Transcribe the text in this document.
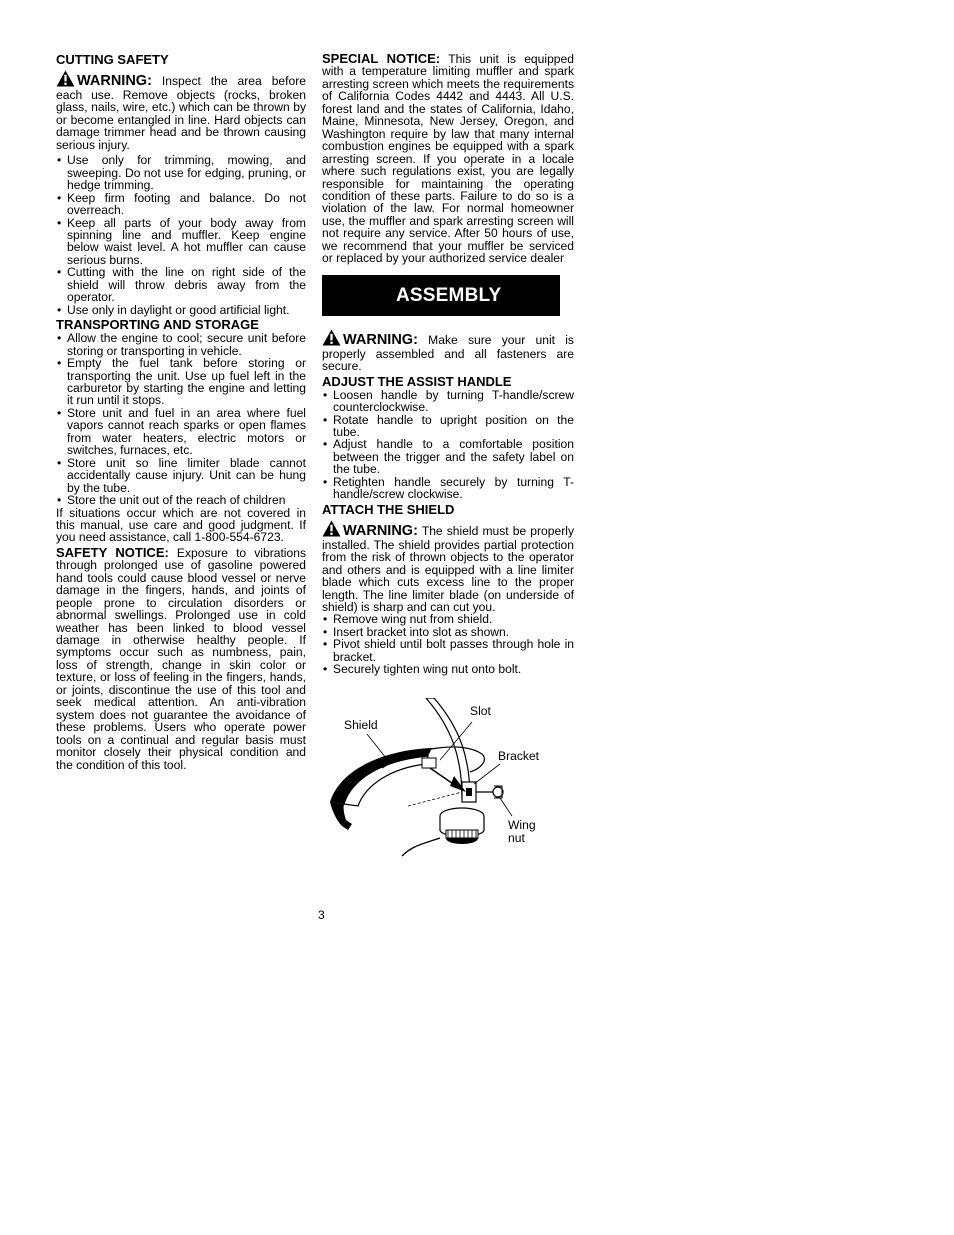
CUTTING SAFETY

WARNING: Inspect the area before each use. Remove objects (rocks, broken glass, nails, wire, etc.) which can be thrown by or become entangled in line. Hard objects can damage trimmer head and be thrown causing serious injury.

• Use only for trimming, mowing, and sweeping. Do not use for edging, pruning, or hedge trimming.
• Keep firm footing and balance. Do not overreach.
• Keep all parts of your body away from spinning line and muffler. Keep engine below waist level. A hot muffler can cause serious burns.
• Cutting with the line on right side of the shield will throw debris away from the operator.
• Use only in daylight or good artificial light.
TRANSPORTING AND STORAGE
• Allow the engine to cool; secure unit before storing or transporting in vehicle.
• Empty the fuel tank before storing or transporting the unit. Use up fuel left in the carburetor by starting the engine and letting it run until it stops.
• Store unit and fuel in an area where fuel vapors cannot reach sparks or open flames from water heaters, electric motors or switches, furnaces, etc.
• Store unit so line limiter blade cannot accidentally cause injury. Unit can be hung by the tube.
• Store the unit out of the reach of children

If situations occur which are not covered in this manual, use care and good judgment. If you need assistance, call 1-800-554-6723.

SAFETY NOTICE: Exposure to vibrations through prolonged use of gasoline powered hand tools could cause blood vessel or nerve damage in the fingers, hands, and joints of people prone to circulation disorders or abnormal swellings. Prolonged use in cold weather has been linked to blood vessel damage in otherwise healthy people. If symptoms occur such as numbness, pain, loss of strength, change in skin color or texture, or loss of feeling in the fingers, hands, or joints, discontinue the use of this tool and seek medical attention. An anti-vibration system does not guarantee the avoidance of these problems. Users who operate power tools on a continual and regular basis must monitor closely their physical condition and the condition of this tool.

SPECIAL NOTICE: This unit is equipped with a temperature limiting muffler and spark arresting screen which meets the requirements of California Codes 4442 and 4443. All U.S. forest land and the states of California, Idaho, Maine, Minnesota, New Jersey, Oregon, and Washington require by law that many internal combustion engines be equipped with a spark arresting screen. If you operate in a locale where such regulations exist, you are legally responsible for maintaining the operating condition of these parts. Failure to do so is a violation of the law. For normal homeowner use, the muffler and spark arresting screen will not require any service. After 50 hours of use, we recommend that your muffler be serviced or replaced by your authorized service dealer

ASSEMBLY

WARNING: Make sure your unit is properly assembled and all fasteners are secure.

ADJUST THE ASSIST HANDLE
• Loosen handle by turning T-handle/screw counterclockwise.
• Rotate handle to upright position on the tube.
• Adjust handle to a comfortable position between the trigger and the safety label on the tube.
• Retighten handle securely by turning T-handle/screw clockwise.
ATTACH THE SHIELD

WARNING: The shield must be properly installed. The shield provides partial protection from the risk of thrown objects to the operator and others and is equipped with a line limiter blade which cuts excess line to the proper length. The line limiter blade (on underside of shield) is sharp and can cut you.

• Remove wing nut from shield.
• Insert bracket into slot as shown.
• Pivot shield until bolt passes through hole in bracket.
• Securely tighten wing nut onto bolt.
Slot
Shield
Bracket
Wing
nut
3
